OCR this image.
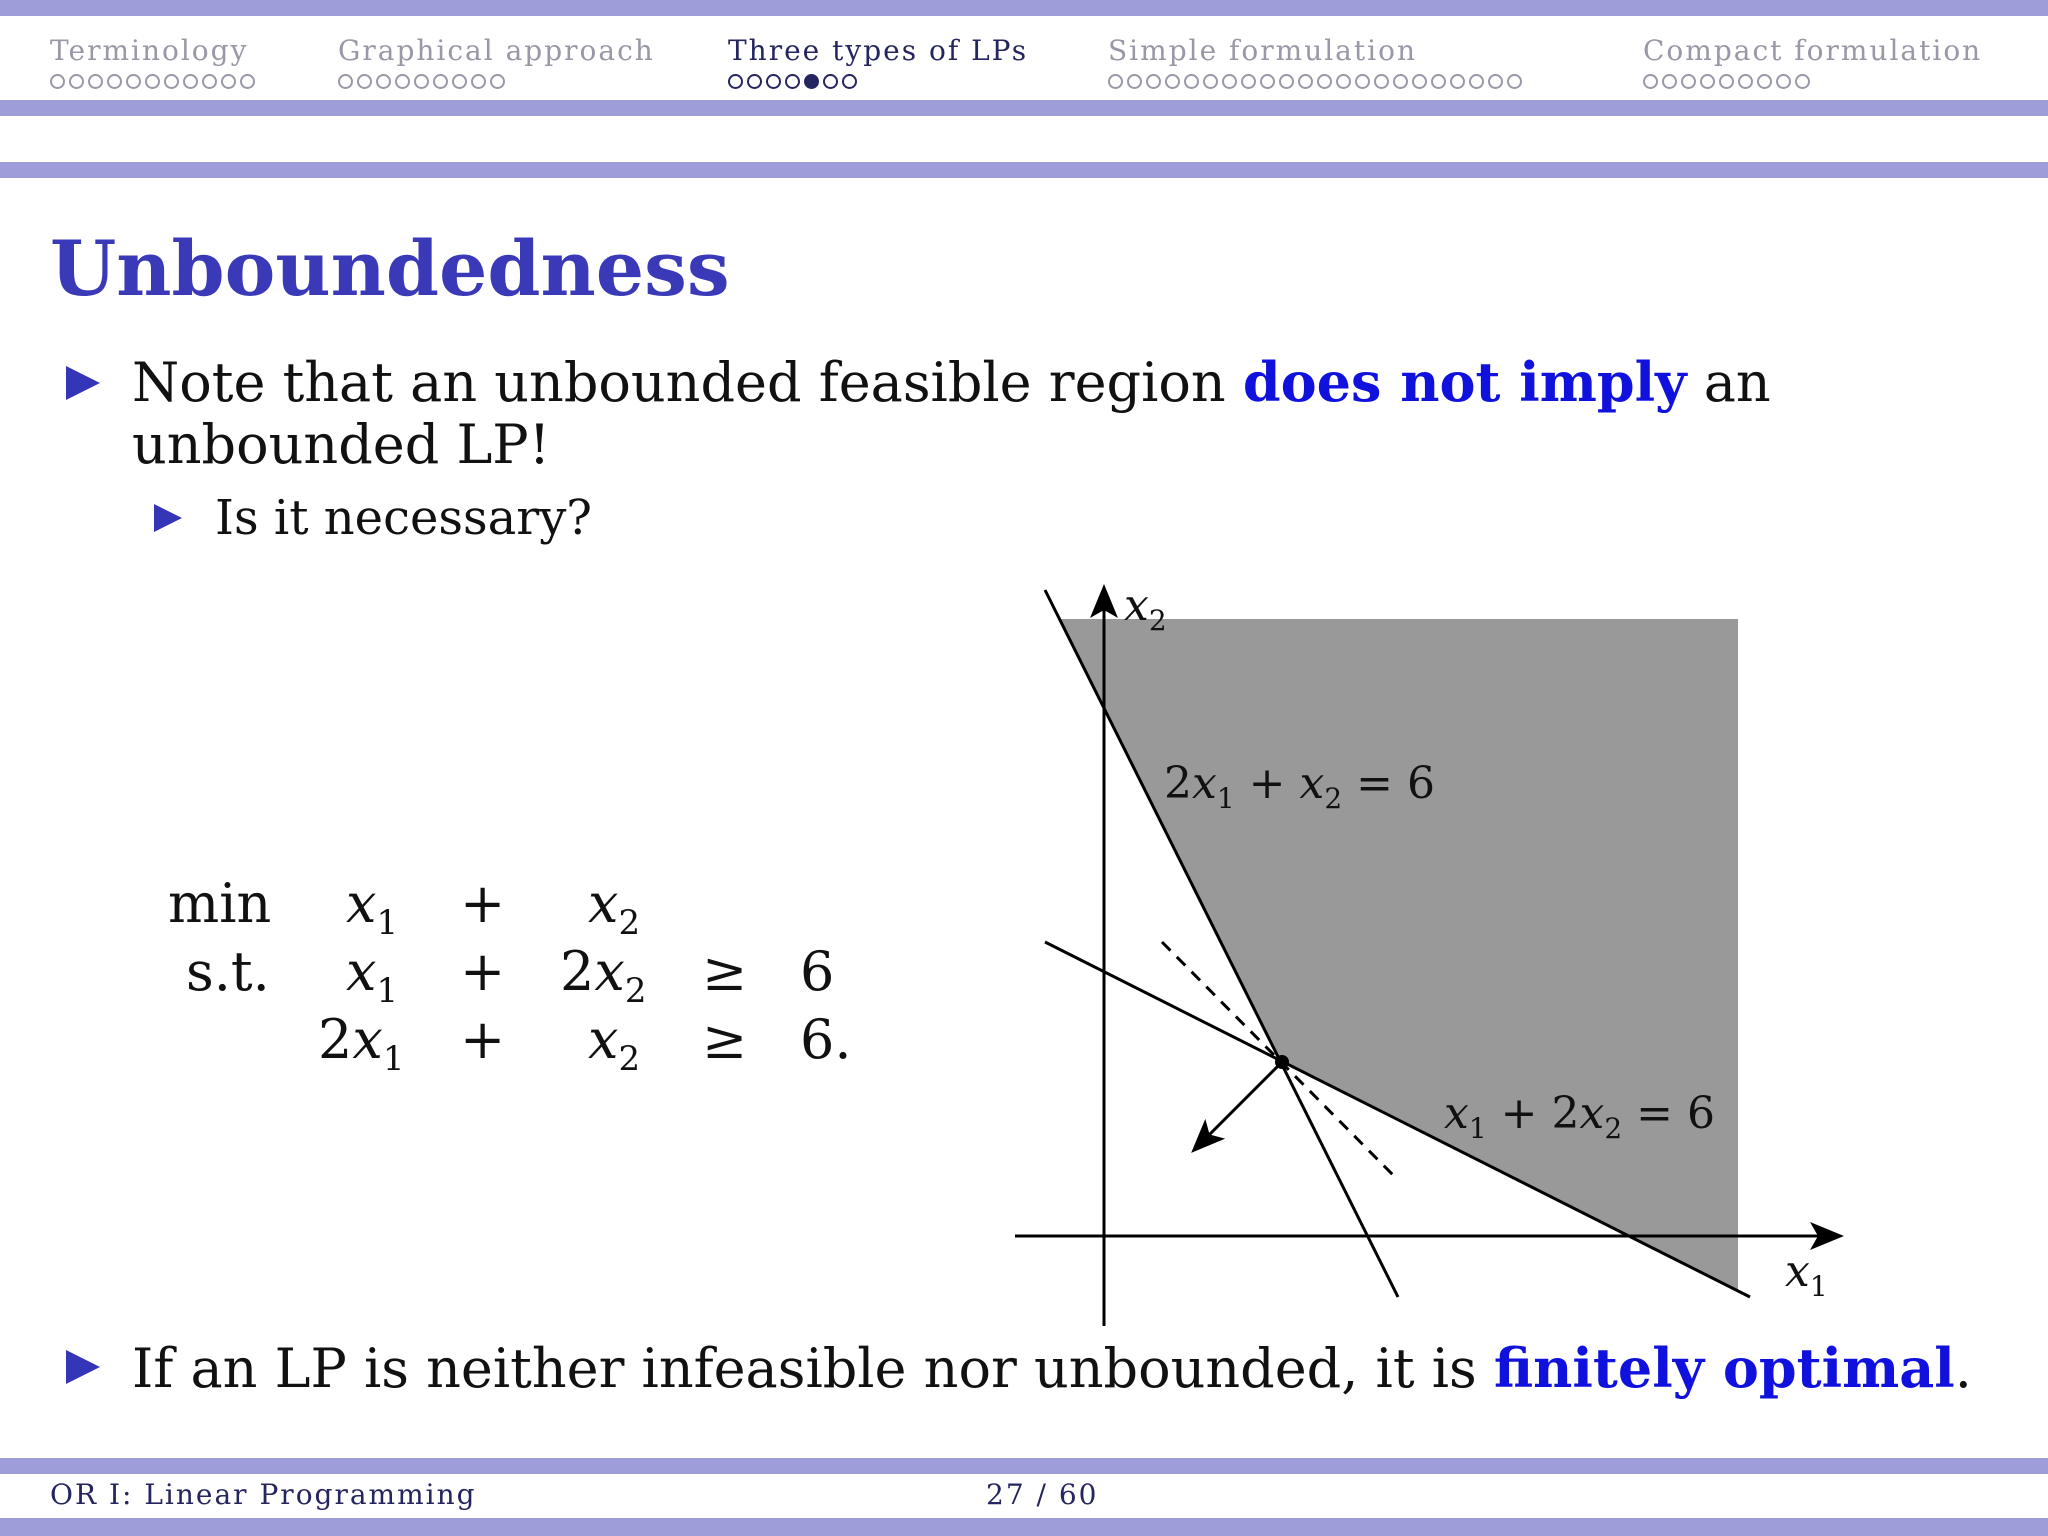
Terminology	Graphical approach	Three types of LPs	Simple formulation	Compact formulation
Unboundedness
Note that an unbounded feasible region does not imply an
unbounded LP!
Is it necessary?
$\min x_1 + x_2$
s.t. $x_1 + 2x_2 \ge 6$
$2x_1 + x_2 \ge 6$.
$x_2$
$x_1$
$2x_1 + x_2 = 6$
$x_1 + 2x_2 = 6$
If an LP is neither infeasible nor unbounded, it is finitely optimal.
OR I: Linear Programming	27 / 60
